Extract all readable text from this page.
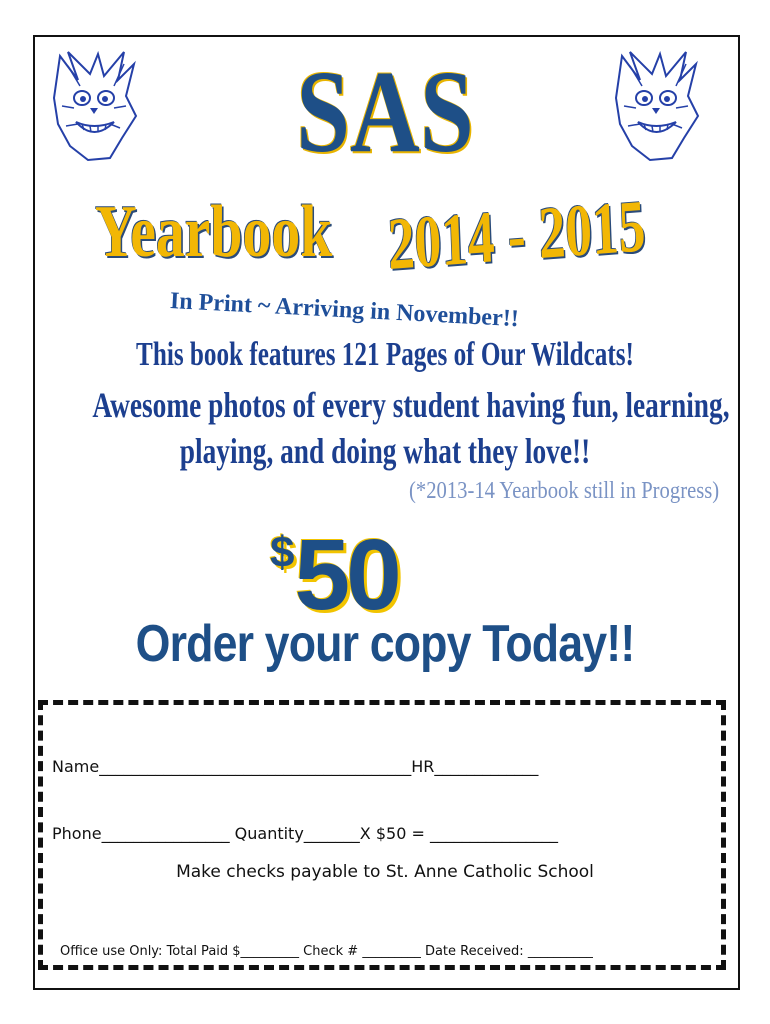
SAS
Yearbook 2014 - 2015
In Print ~ Arriving in November!!
This book features 121 Pages of Our Wildcats!
Awesome photos of every student having fun, learning,
playing, and doing what they love!!
(*2013-14 Yearbook still in Progress)
$50
Order your copy Today!!
Name_______________________________________HR_____________
Phone________________ Quantity_______X $50 = ________________
Make checks payable to St. Anne Catholic School
Office use Only: Total Paid $_________ Check # _________ Date Received: __________
